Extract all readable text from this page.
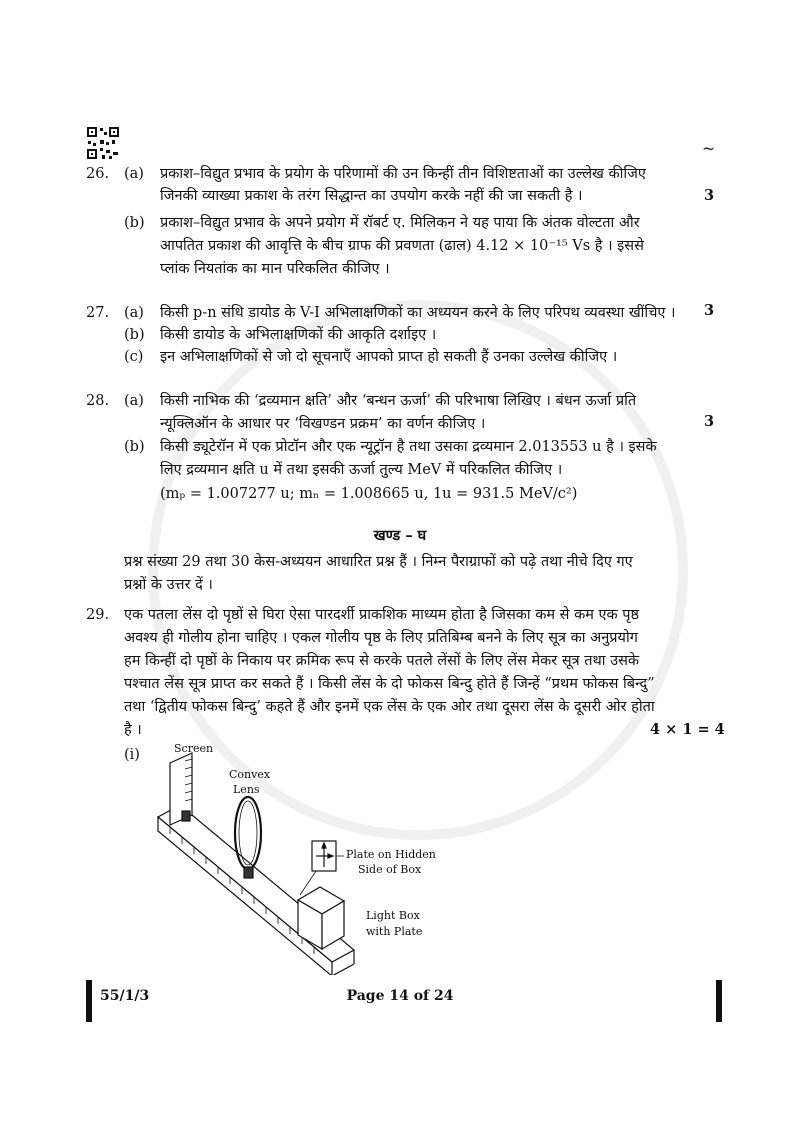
~
26. (a) प्रकाश–विद्युत प्रभाव के प्रयोग के परिणामों की उन किन्हीं तीन विशिष्टताओं का उल्लेख कीजिए
जिनकी व्याख्या प्रकाश के तरंग सिद्धान्त का उपयोग करके नहीं की जा सकती है ।	3
(b) प्रकाश–विद्युत प्रभाव के अपने प्रयोग में रॉबर्ट ए. मिलिकन ने यह पाया कि अंतक वोल्टता और
आपतित प्रकाश की आवृत्ति के बीच ग्राफ की प्रवणता (ढाल) 4.12 × 10⁻¹⁵ Vs है । इससे
प्लांक नियतांक का मान परिकलित कीजिए ।
27. (a) किसी p-n संधि डायोड के V-I अभिलाक्षणिकों का अध्ययन करने के लिए परिपथ व्यवस्था खींचिए ।	3
(b) किसी डायोड के अभिलाक्षणिकों की आकृति दर्शाइए ।
(c) इन अभिलाक्षणिकों से जो दो सूचनाएँ आपको प्राप्त हो सकती हैं उनका उल्लेख कीजिए ।
28. (a) किसी नाभिक की ‘द्रव्यमान क्षति’ और ‘बन्धन ऊर्जा’ की परिभाषा लिखिए । बंधन ऊर्जा प्रति
न्यूक्लिऑन के आधार पर ‘विखण्डन प्रक्रम’ का वर्णन कीजिए ।	3
(b) किसी ड्यूटेरॉन में एक प्रोटॉन और एक न्यूट्रॉन है तथा उसका द्रव्यमान 2.013553 u है । इसके
लिए द्रव्यमान क्षति u में तथा इसकी ऊर्जा तुल्य MeV में परिकलित कीजिए ।
(mₚ = 1.007277 u; mₙ = 1.008665 u, 1u = 931.5 MeV/c²)
खण्ड – घ
प्रश्न संख्या 29 तथा 30 केस-अध्ययन आधारित प्रश्न हैं । निम्न पैराग्राफों को पढ़े तथा नीचे दिए गए
प्रश्नों के उत्तर दें ।
29. एक पतला लेंस दो पृष्ठों से घिरा ऐसा पारदर्शी प्राकशिक माध्यम होता है जिसका कम से कम एक पृष्ठ
अवश्य ही गोलीय होना चाहिए । एकल गोलीय पृष्ठ के लिए प्रतिबिम्ब बनने के लिए सूत्र का अनुप्रयोग
हम किन्हीं दो पृष्ठों के निकाय पर क्रमिक रूप से करके पतले लेंसों के लिए लेंस मेकर सूत्र तथा उसके
पश्चात लेंस सूत्र प्राप्त कर सकते हैं । किसी लेंस के दो फोकस बिन्दु होते हैं जिन्हें “प्रथम फोकस बिन्दु”
तथा ‘द्वितीय फोकस बिन्दु’ कहते हैं और इनमें एक लेंस के एक ओर तथा दूसरा लेंस के दूसरी ओर होता
है ।	4 × 1 = 4
(i)	Screen
Convex
Lens
Plate on Hidden
Side of Box
Light Box
with Plate
55/1/3	Page 14 of 24
